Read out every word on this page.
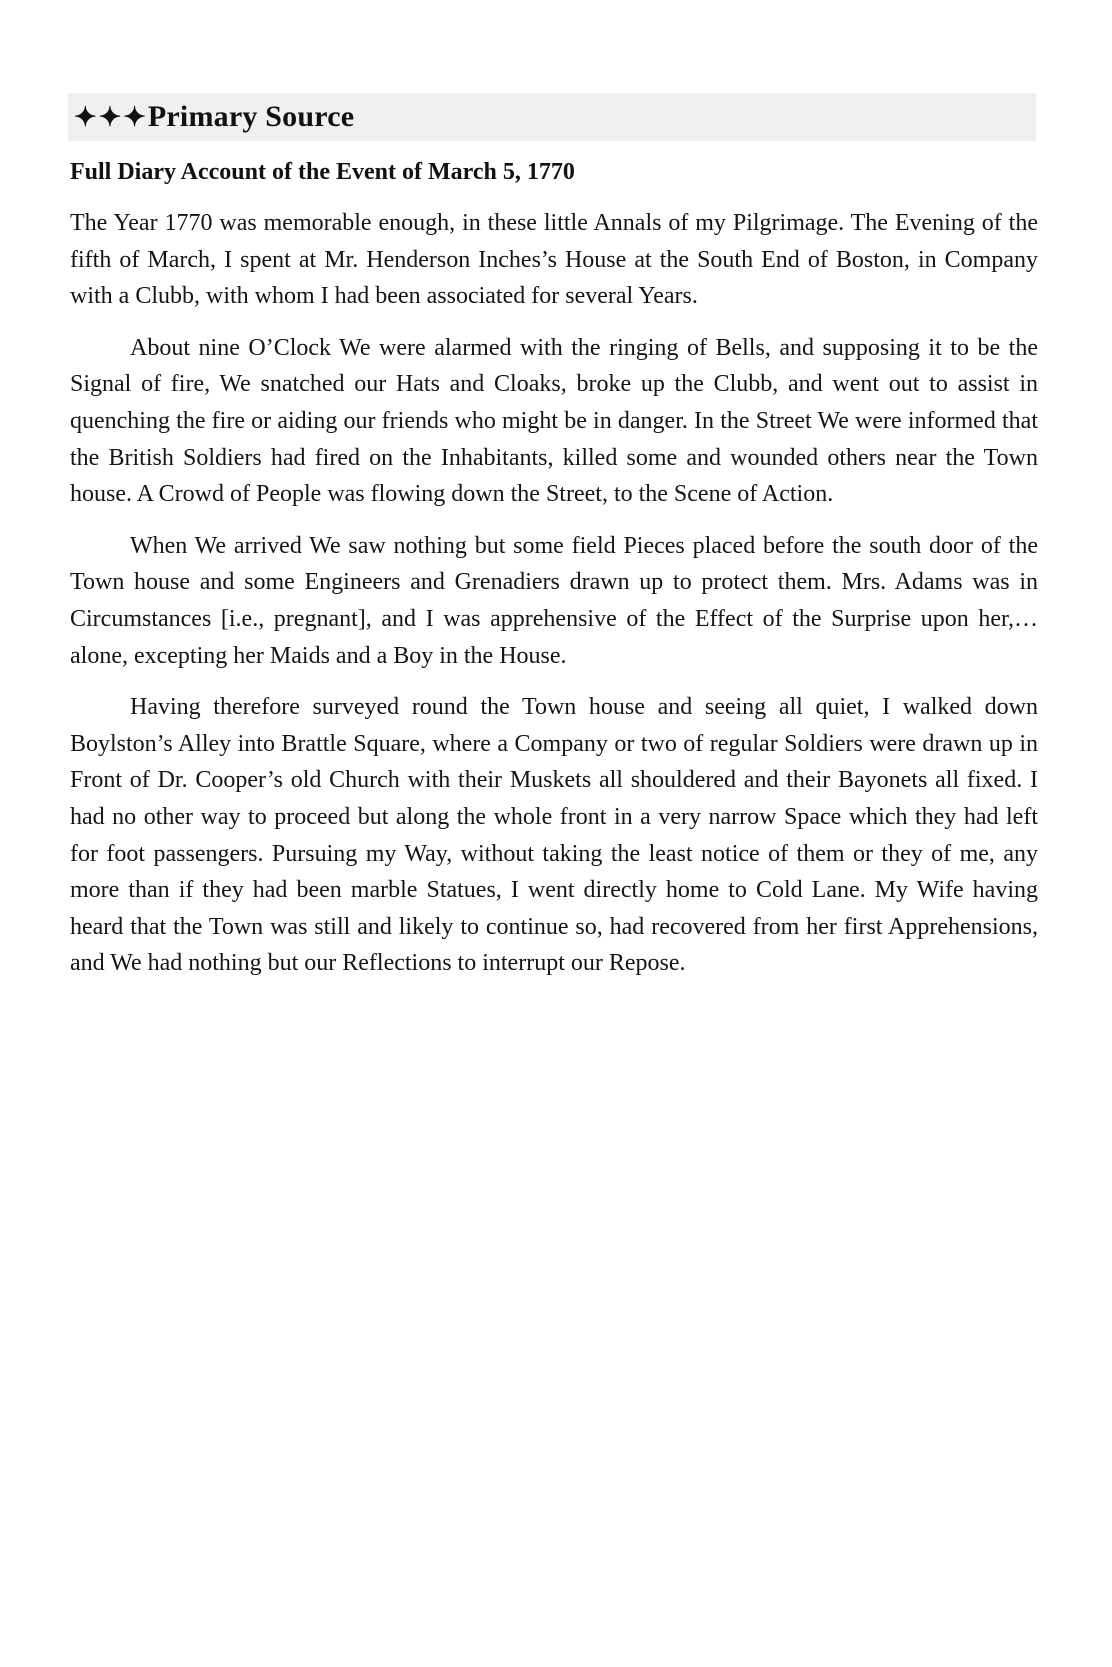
✦✦✦ Primary Source
Full Diary Account of the Event of March 5, 1770

The Year 1770 was memorable enough, in these little Annals of my Pilgrimage. The Evening of the fifth of March, I spent at Mr. Henderson Inches’s House at the South End of Boston, in Company with a Clubb, with whom I had been associated for several Years.

About nine O’Clock We were alarmed with the ringing of Bells, and supposing it to be the Signal of fire, We snatched our Hats and Cloaks, broke up the Clubb, and went out to assist in quenching the fire or aiding our friends who might be in danger. In the Street We were informed that the British Soldiers had fired on the Inhabitants, killed some and wounded others near the Town house. A Crowd of People was flowing down the Street, to the Scene of Action.

When We arrived We saw nothing but some field Pieces placed before the south door of the Town house and some Engineers and Grenadiers drawn up to protect them. Mrs. Adams was in Circumstances [i.e., pregnant], and I was apprehensive of the Effect of the Surprise upon her,… alone, excepting her Maids and a Boy in the House.

Having therefore surveyed round the Town house and seeing all quiet, I walked down Boylston’s Alley into Brattle Square, where a Company or two of regular Soldiers were drawn up in Front of Dr. Cooper’s old Church with their Muskets all shouldered and their Bayonets all fixed. I had no other way to proceed but along the whole front in a very narrow Space which they had left for foot passengers. Pursuing my Way, without taking the least notice of them or they of me, any more than if they had been marble Statues, I went directly home to Cold Lane. My Wife having heard that the Town was still and likely to continue so, had recovered from her first Apprehensions, and We had nothing but our Reflections to interrupt our Repose.
